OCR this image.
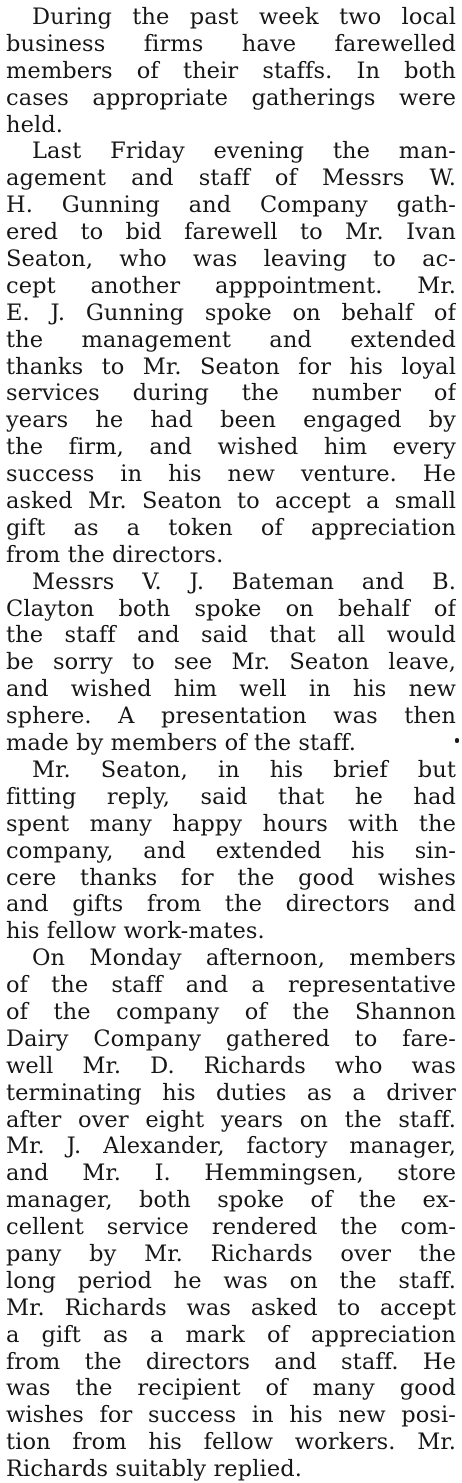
During the past week two local
business firms have farewelled
members of their staffs. In both
cases appropriate gatherings were
held.
Last Friday evening the man-
agement and staff of Messrs W.
H. Gunning and Company gath-
ered to bid farewell to Mr. Ivan
Seaton, who was leaving to ac-
cept another apppointment. Mr.
E. J. Gunning spoke on behalf of
the management and extended
thanks to Mr. Seaton for his loyal
services during the number of
years he had been engaged by
the firm, and wished him every
success in his new venture. He
asked Mr. Seaton to accept a small
gift as a token of appreciation
from the directors.
Messrs V. J. Bateman and B.
Clayton both spoke on behalf of
the staff and said that all would
be sorry to see Mr. Seaton leave,
and wished him well in his new
sphere. A presentation was then
made by members of the staff.
Mr. Seaton, in his brief but
fitting reply, said that he had
spent many happy hours with the
company, and extended his sin-
cere thanks for the good wishes
and gifts from the directors and
his fellow work-mates.
On Monday afternoon, members
of the staff and a representative
of the company of the Shannon
Dairy Company gathered to fare-
well Mr. D. Richards who was
terminating his duties as a driver
after over eight years on the staff.
Mr. J. Alexander, factory manager,
and Mr. I. Hemmingsen, store
manager, both spoke of the ex-
cellent service rendered the com-
pany by Mr. Richards over the
long period he was on the staff.
Mr. Richards was asked to accept
a gift as a mark of appreciation
from the directors and staff. He
was the recipient of many good
wishes for success in his new posi-
tion from his fellow workers. Mr.
Richards suitably replied.
